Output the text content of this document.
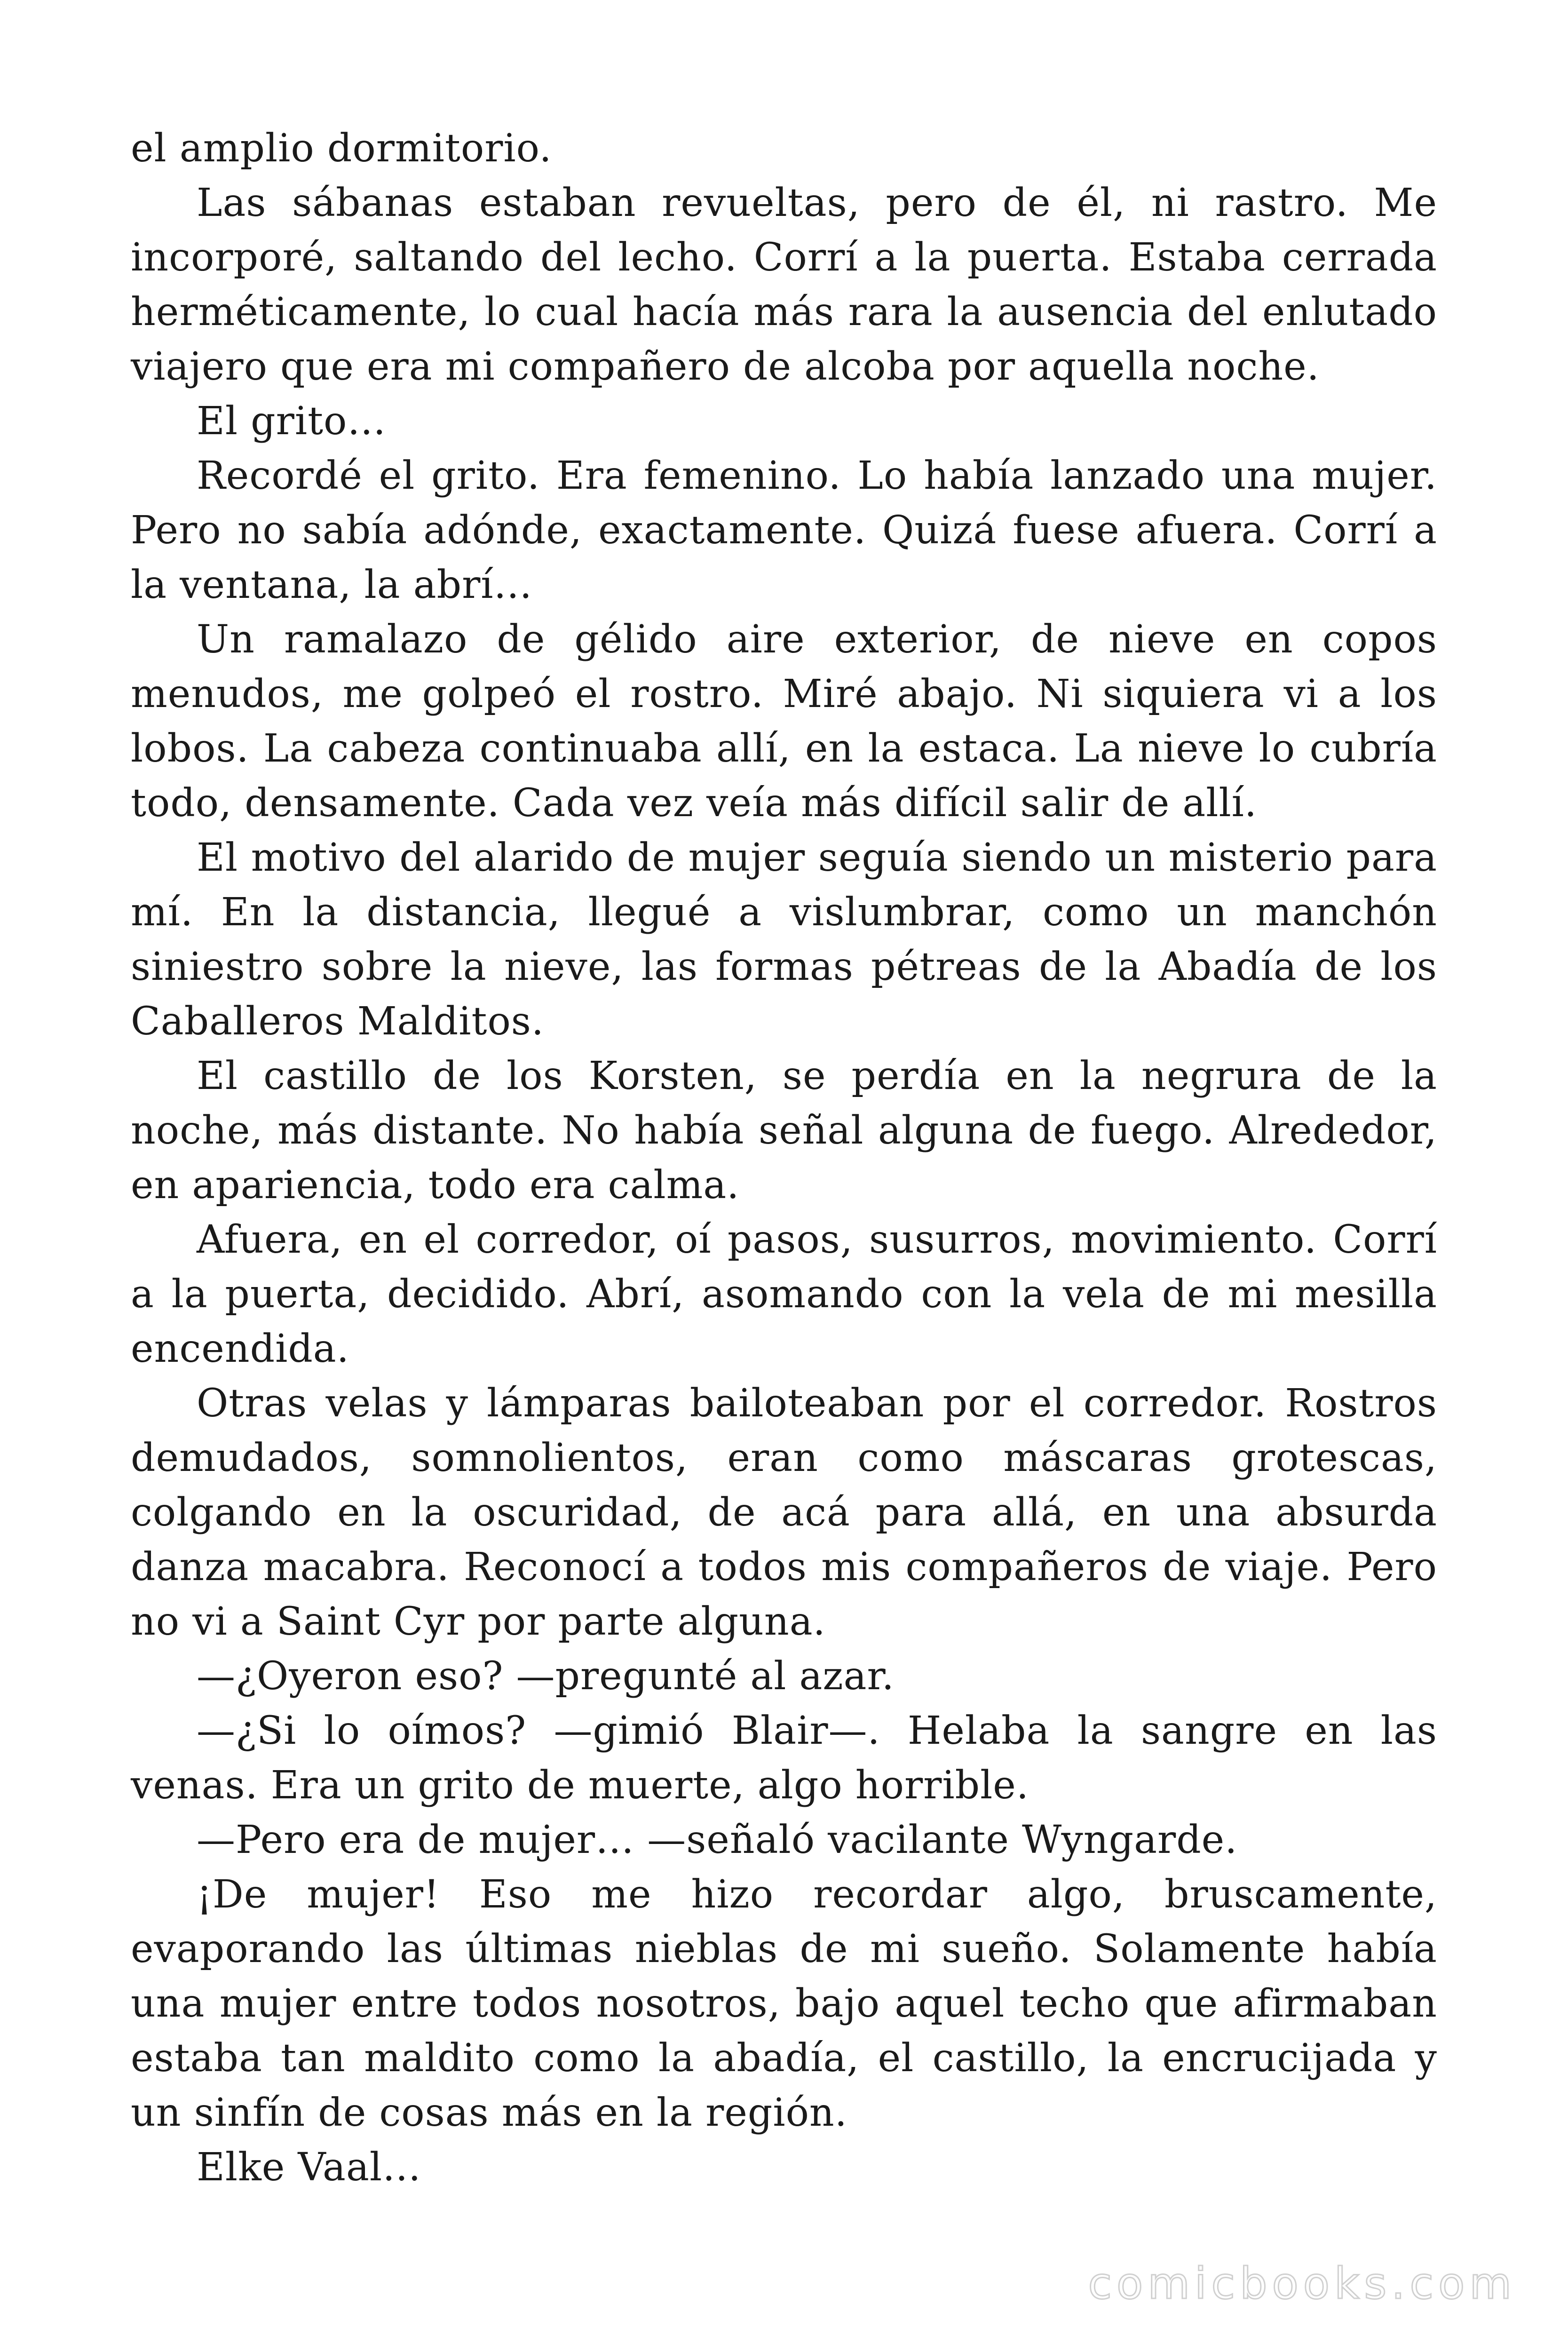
el amplio dormitorio.

Las sábanas estaban revueltas, pero de él, ni rastro. Me incorporé, saltando del lecho. Corrí a la puerta. Estaba cerrada herméticamente, lo cual hacía más rara la ausencia del enlutado viajero que era mi compañero de alcoba por aquella noche.

El grito…

Recordé el grito. Era femenino. Lo había lanzado una mujer. Pero no sabía adónde, exactamente. Quizá fuese afuera. Corrí a la ventana, la abrí…

Un ramalazo de gélido aire exterior, de nieve en copos menudos, me golpeó el rostro. Miré abajo. Ni siquiera vi a los lobos. La cabeza continuaba allí, en la estaca. La nieve lo cubría todo, densamente. Cada vez veía más difícil salir de allí.

El motivo del alarido de mujer seguía siendo un misterio para mí. En la distancia, llegué a vislumbrar, como un manchón siniestro sobre la nieve, las formas pétreas de la Abadía de los Caballeros Malditos.

El castillo de los Korsten, se perdía en la negrura de la noche, más distante. No había señal alguna de fuego. Alrededor, en apariencia, todo era calma.

Afuera, en el corredor, oí pasos, susurros, movimiento. Corrí a la puerta, decidido. Abrí, asomando con la vela de mi mesilla encendida.

Otras velas y lámparas bailoteaban por el corredor. Rostros demudados, somnolientos, eran como máscaras grotescas, colgando en la oscuridad, de acá para allá, en una absurda danza macabra. Reconocí a todos mis compañeros de viaje. Pero no vi a Saint Cyr por parte alguna.

—¿Oyeron eso? —pregunté al azar.

—¿Si lo oímos? —gimió Blair—. Helaba la sangre en las venas. Era un grito de muerte, algo horrible.

—Pero era de mujer… —señaló vacilante Wyngarde.

¡De mujer! Eso me hizo recordar algo, bruscamente, evaporando las últimas nieblas de mi sueño. Solamente había una mujer entre todos nosotros, bajo aquel techo que afirmaban estaba tan maldito como la abadía, el castillo, la encrucijada y un sinfín de cosas más en la región.

Elke Vaal…

comicbooks.com
